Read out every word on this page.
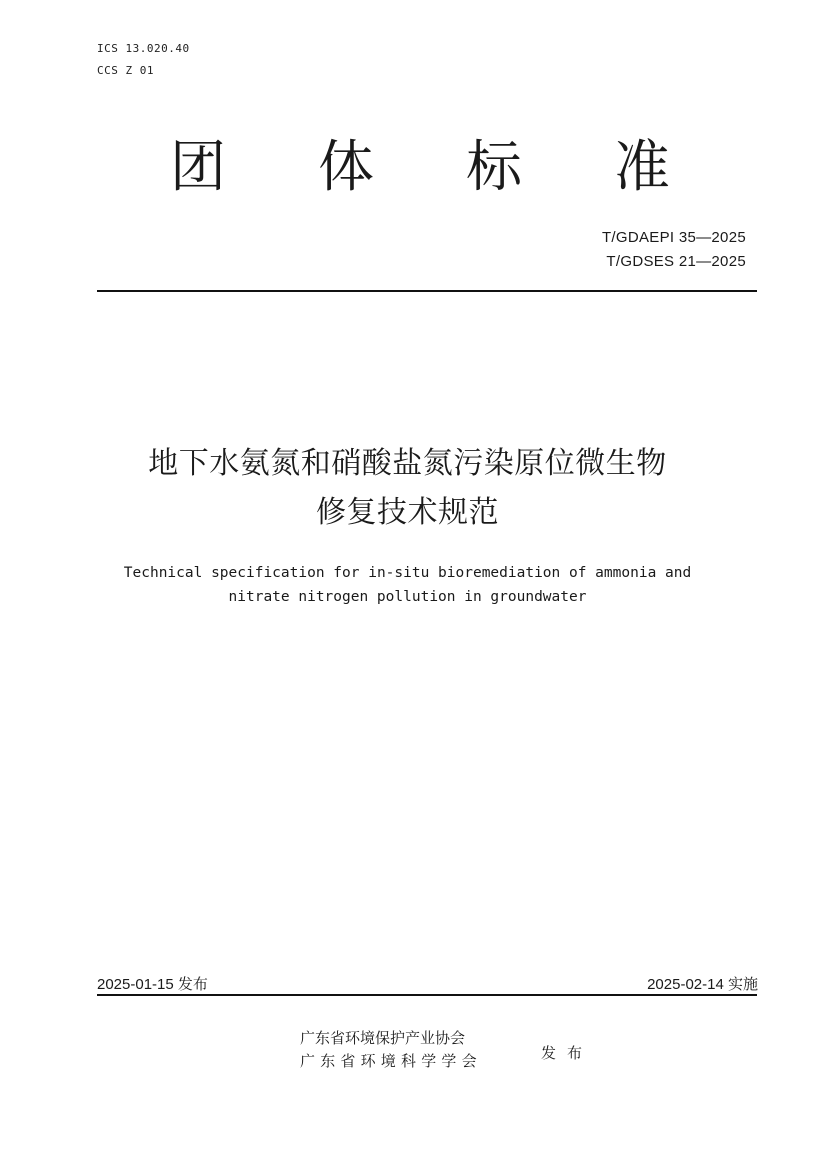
ICS 13.020.40
CCS Z 01
团 体 标 准
T/GDAEPI 35—2025
T/GDSES 21—2025
地下水氨氮和硝酸盐氮污染原位微生物
修复技术规范
Technical specification for in-situ bioremediation of ammonia and
nitrate nitrogen pollution in groundwater
2025-01-15 发布	2025-02-14 实施
广东省环境保护产业协会
广东省环境科学学会	发布
